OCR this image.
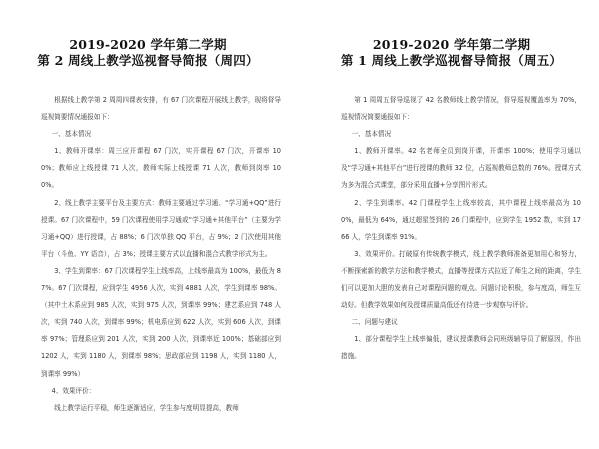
2019-2020 学年第二学期
第 2 周线上教学巡视督导简报（周四）

根据线上教学第 2 周周四课表安排，有 67 门次课程开展线上教学，现将督导巡视简要情况通报如下：

一、基本情况

1、教师开课率：周三应开课程 67 门次，实开课程 67 门次，开课率 100%；教师应上线授课 71 人次，教师实际上线授课 71 人次，教师到岗率 100%。

2、线上教学主要平台及主要方式：教师主要通过学习通、“学习通+QQ”进行授课。67 门次课程中，59 门次课程使用学习通或“学习通+其他平台”（主要为学习通+QQ）进行授课，占 88%；6 门次单独 QQ 平台，占 9%；2 门次使用其他平台（斗鱼、YY 语音），占 3%；授课主要方式以直播和混合式教学形式为主。

3、学生到课率：67 门次课程学生上线率高，上线率最高为 100%，最低为 87%。67 门次课程，应到学生 4956 人次，实到 4881 人次，学生到课率 98%。（其中土木系应到 985 人次，实到 975 人次，到课率 99%；建艺系应到 748 人次，实到 740 人次，到课率 99%；机电系应到 622 人次，实到 606 人次，到课率 97%；管理系应到 201 人次，实到 200 人次，到课率近 100%；基础部应到 1202 人，实到 1180 人，到课率 98%；思政部应到 1198 人，实到 1180 人，到课率 99%）

4、效果评价：

线上教学运行平稳，师生逐渐适应，学生参与度明显提高，教师

2019-2020 学年第二学期
第 1 周线上教学巡视督导简报（周五）

第 1 周周五督导巡视了 42 名教师线上教学情况，督导巡视覆盖率为 70%，巡视情况简要通报如下：

一、基本情况

1、教师开课率。42 名老师全员到岗开课，开课率 100%；使用学习通以及“学习通+其他平台”进行授课的教师 32 位，占巡视教师总数的 76%。授课方式为多为混合式课堂，部分采用直播+分享图片形式。

2、学生到课率。42 门课程学生上线率较高，其中课程上线率最高为 100%，最低为 64%，通过超星签到的 26 门课程中，应到学生 1952 数，实到 1766 人，学生到课率 91%。

3、效果评价。打破原有传统教学模式，线上教学教师准备更加用心和努力，不断探索新的教学方法和教学模式，直播等授课方式拉近了师生之间的距离，学生们可以更加大胆的发表自己对课程问题的观点。问题讨论积极，参与度高，师生互动好。但教学效果如何及授课质量高低还有待进一步观察与评价。

二、问题与建议

1、部分课程学生上线率偏低，建议授课教师会同班级辅导员了解原因，作出措施。
